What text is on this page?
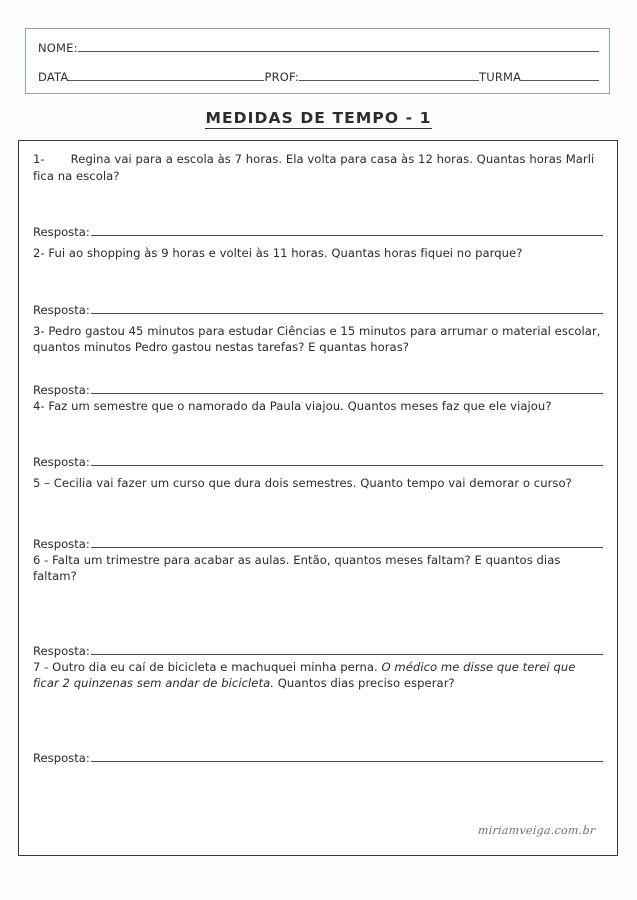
NOME:
DATA	PROF:	TURMA
MEDIDAS DE TEMPO - 1

1- Regina vai para a escola às 7 horas. Ela volta para casa às 12 horas. Quantas horas Marli fica na escola?

Resposta:

2- Fui ao shopping às 9 horas e voltei às 11 horas. Quantas horas fiquei no parque?

Resposta:

3- Pedro gastou 45 minutos para estudar Ciências e 15 minutos para arrumar o material escolar, quantos minutos Pedro gastou nestas tarefas? E quantas horas?

Resposta:

4- Faz um semestre que o namorado da Paula viajou. Quantos meses faz que ele viajou?

Resposta:

5 – Cecilia vai fazer um curso que dura dois semestres. Quanto tempo vai demorar o curso?

Resposta:

6 - Falta um trimestre para acabar as aulas. Então, quantos meses faltam? E quantos dias faltam?

Resposta:

7 - Outro dia eu caí de bicicleta e machuquei minha perna. O médico me disse que terei que ficar 2 quinzenas sem andar de bicicleta. Quantos dias preciso esperar?

Resposta:
miriamveiga.com.br
